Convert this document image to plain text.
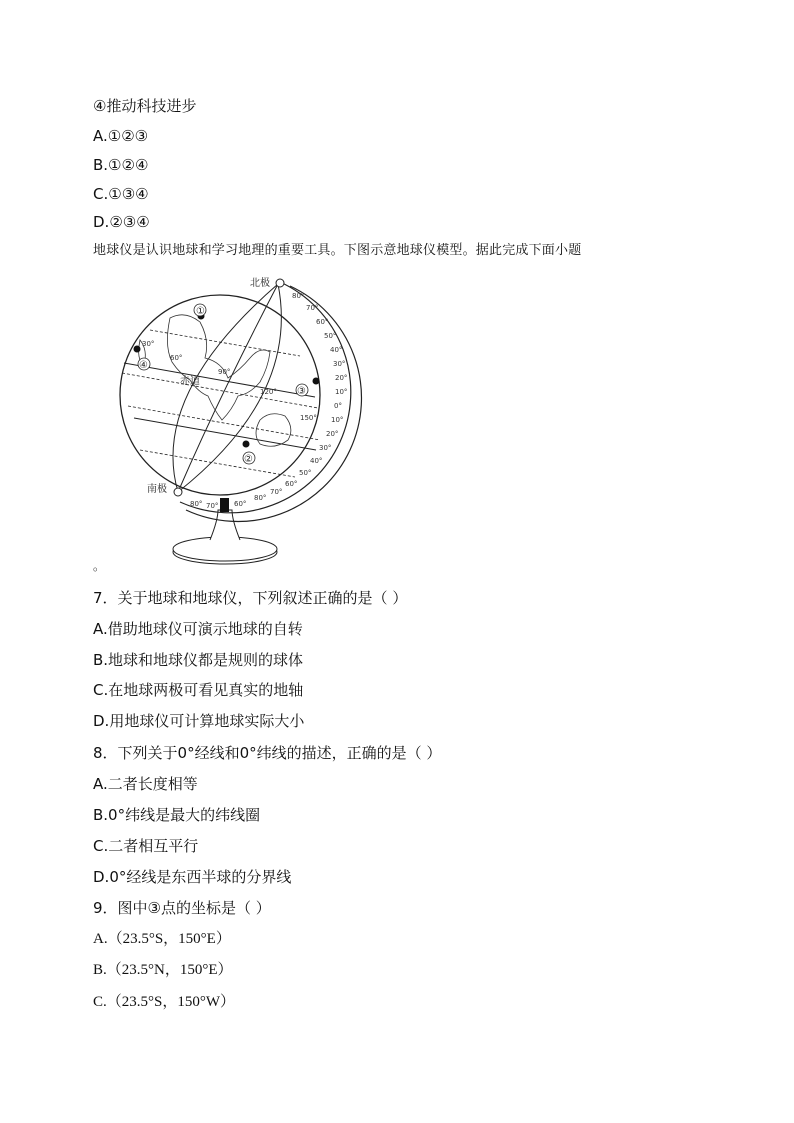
④推动科技进步
A.①②③
B.①②④
C.①③④
D.②③④
地球仪是认识地球和学习地理的重要工具。下图示意地球仪模型。据此完成下面小题
①
②
③
④
北极
南极
赤道
30°
60°
90°
120°
150°
80°
70°
60°
50°
40°
30°
20°
10°
0°
10°
20°
30°
40°
50°
60°
70°
80°
80° 70° 60°
。
7．关于地球和地球仪，下列叙述正确的是（ ）
A.借助地球仪可演示地球的自转
B.地球和地球仪都是规则的球体
C.在地球两极可看见真实的地轴
D.用地球仪可计算地球实际大小
8．下列关于0°经线和0°纬线的描述，正确的是（ ）
A.二者长度相等
B.0°纬线是最大的纬线圈
C.二者相互平行
D.0°经线是东西半球的分界线
9．图中③点的坐标是（ ）
A.（23.5°S，150°E）
B.（23.5°N，150°E）
C.（23.5°S，150°W）
